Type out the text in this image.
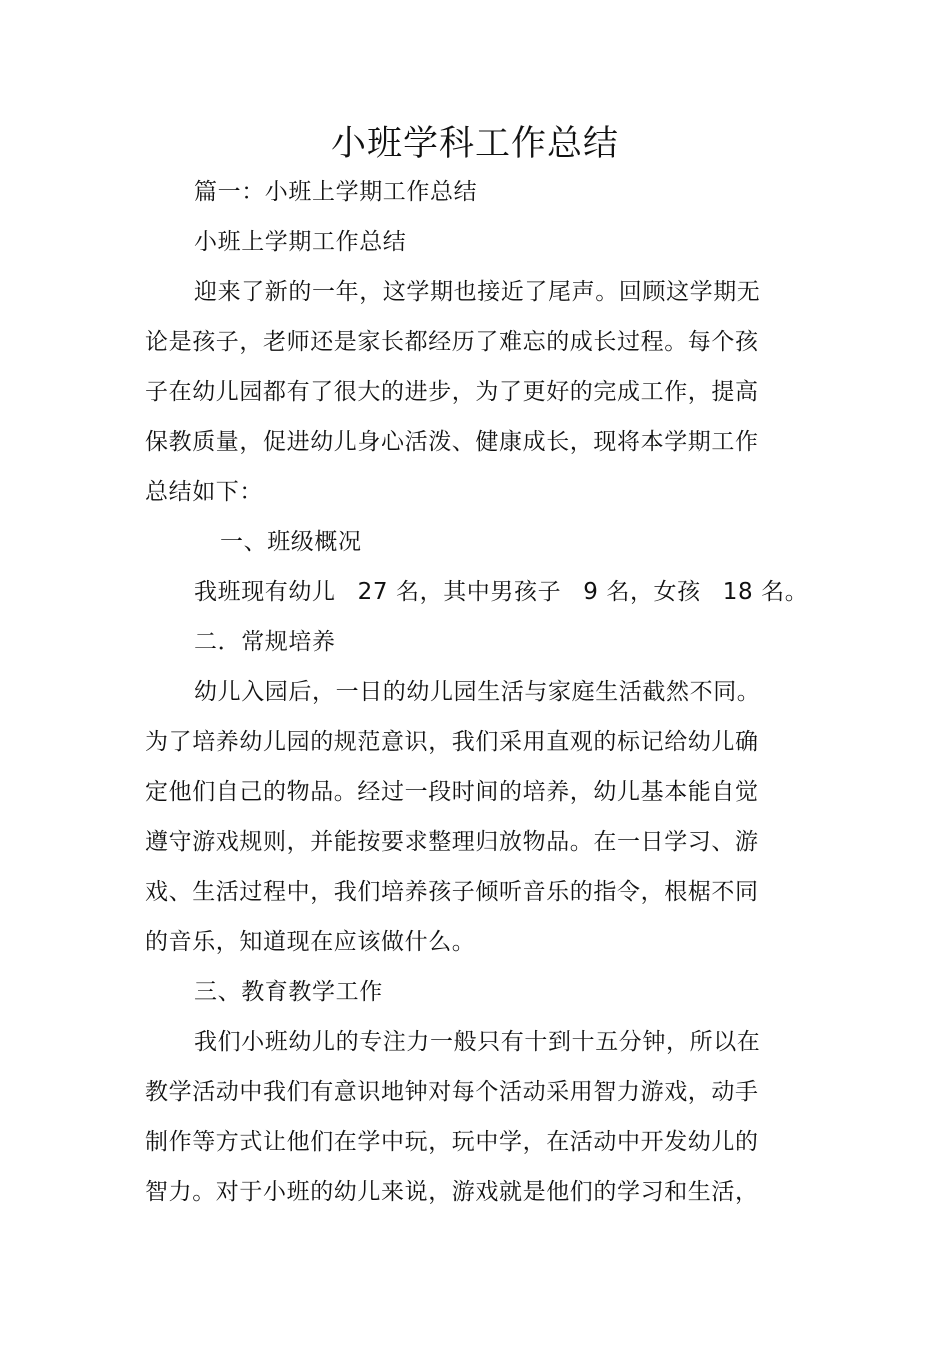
小班学科工作总结
篇一：小班上学期工作总结
小班上学期工作总结
迎来了新的一年，这学期也接近了尾声。回顾这学期无
论是孩子，老师还是家长都经历了难忘的成长过程。每个孩
子在幼儿园都有了很大的进步，为了更好的完成工作，提高
保教质量，促进幼儿身心活泼、健康成长，现将本学期工作
总结如下：
一、班级概况
我班现有幼儿 27 名，其中男孩子 9 名，女孩 18 名。
二．常规培养
幼儿入园后，一日的幼儿园生活与家庭生活截然不同。
为了培养幼儿园的规范意识，我们采用直观的标记给幼儿确
定他们自己的物品。经过一段时间的培养，幼儿基本能自觉
遵守游戏规则，并能按要求整理归放物品。在一日学习、游
戏、生活过程中，我们培养孩子倾听音乐的指令，根椐不同
的音乐，知道现在应该做什么。
三、教育教学工作
我们小班幼儿的专注力一般只有十到十五分钟，所以在
教学活动中我们有意识地钟对每个活动采用智力游戏，动手
制作等方式让他们在学中玩，玩中学，在活动中开发幼儿的
智力。对于小班的幼儿来说，游戏就是他们的学习和生活，
